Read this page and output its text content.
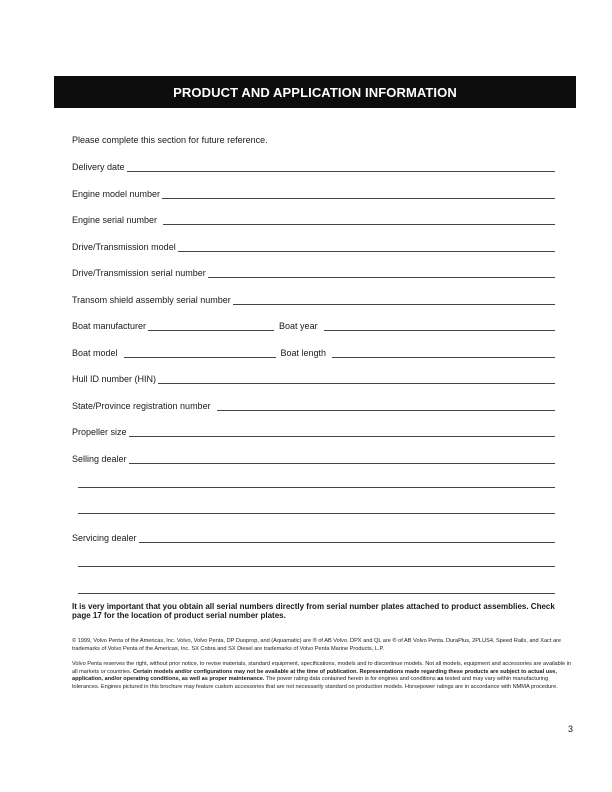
PRODUCT AND APPLICATION INFORMATION
Please complete this section for future reference.
Delivery date
Engine model number
Engine serial number
Drive/Transmission model
Drive/Transmission serial number
Transom shield assembly serial number
Boat manufacturer	Boat year
Boat model	Boat length
Hull ID number (HIN)
State/Province registration number
Propeller size
Selling dealer
Servicing dealer
It is very important that you obtain all serial numbers directly from serial number plates attached to product assemblies. Check page 17 for the location of product serial number plates.
© 1999, Volvo Penta of the Americas, Inc. Volvo, Volvo Penta, DP Duoprop, and (Aquamatic) are ® of AB Volvo. DPX and QL are ® of AB Volvo Penta. DuraPlus, 2PLUS4, Speed Rails, and Xact are trademarks of Volvo Penta of the Americas, Inc. SX Cobra and SX Diesel are trademarks of Volvo Penta Marine Products, L.P.
Volvo Penta reserves the right, without prior notice, to revise materials, standard equipment, specifications, models and to discontinue models. Not all models, equipment and accessories are available in all markets or countries. Certain models and/or configurations may not be available at the time of publication. Representations made regarding these products are subject to actual use, application, and/or operating conditions, as well as proper maintenance. The power rating data contained herein is for engines and conditions as tested and may vary within manufacturing tolerances. Engines pictured in this brochure may feature custom accessories that are not necessarily standard on production models. Horsepower ratings are in accordance with NMMA procedure.
3
